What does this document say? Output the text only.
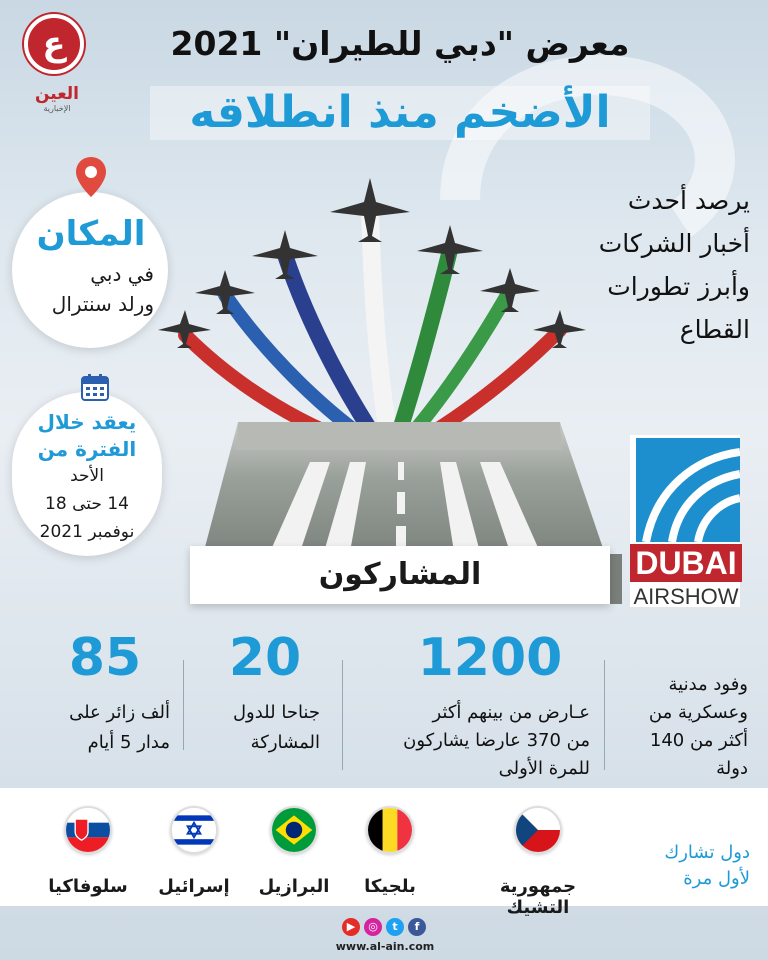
ع
العين
الإخبارية
معرض "دبي للطيران" 2021
الأضخم منذ انطلاقه
المكان
في دبي
ورلد سنترال
يعقد خلال
الفترة من
الأحد
14 حتى 18
نوفمبر 2021
يرصد أحدث
أخبار الشركات
وأبرز تطورات
القطاع
المشاركون	DUBAI
AIRSHOW
85
ألف زائر على
مدار 5 أيام
20
جناحا للدول
المشاركة
1200
عـارض من بينهم أكثر
من 370 عارضا يشاركون
للمرة الأولى
وفود مدنية
وعسكرية من
أكثر من 140
دولة
جمهورية التشيك
بلجيكا
البرازيل
إسرائيل
سلوفاكيا
دول تشارك
لأول مرة
▶	◎	t	f
www.al-ain.com
